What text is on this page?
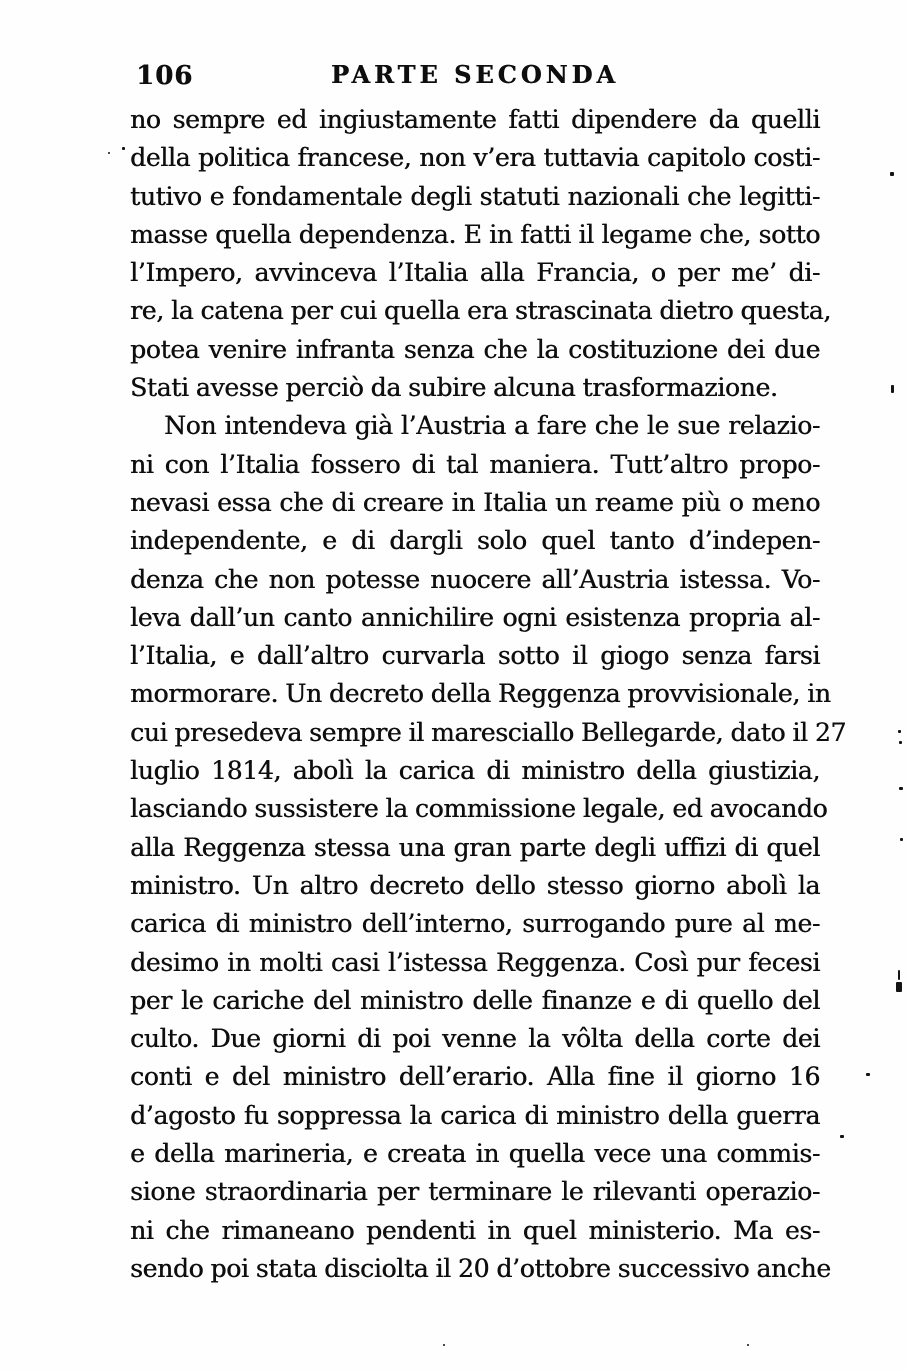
106	PARTE SECONDA
no sempre ed ingiustamente fatti dipendere da quelli
della politica francese, non v’era tuttavia capitolo costi-
tutivo e fondamentale degli statuti nazionali che legitti-
masse quella dependenza. E in fatti il legame che, sotto
l’Impero, avvinceva l’Italia alla Francia, o per me’ di-
re, la catena per cui quella era strascinata dietro questa,
potea venire infranta senza che la costituzione dei due
Stati avesse perciò da subire alcuna trasformazione.
Non intendeva già l’Austria a fare che le sue relazio-
ni con l’Italia fossero di tal maniera. Tutt’altro propo-
nevasi essa che di creare in Italia un reame più o meno
independente, e di dargli solo quel tanto d’indepen-
denza che non potesse nuocere all’Austria istessa. Vo-
leva dall’un canto annichilire ogni esistenza propria al-
l’Italia, e dall’altro curvarla sotto il giogo senza farsi
mormorare. Un decreto della Reggenza provvisionale, in
cui presedeva sempre il maresciallo Bellegarde, dato il 27
luglio 1814, abolì la carica di ministro della giustizia,
lasciando sussistere la commissione legale, ed avocando
alla Reggenza stessa una gran parte degli uffizi di quel
ministro. Un altro decreto dello stesso giorno abolì la
carica di ministro dell’interno, surrogando pure al me-
desimo in molti casi l’istessa Reggenza. Così pur fecesi
per le cariche del ministro delle finanze e di quello del
culto. Due giorni di poi venne la vôlta della corte dei
conti e del ministro dell’erario. Alla fine il giorno 16
d’agosto fu soppressa la carica di ministro della guerra
e della marineria, e creata in quella vece una commis-
sione straordinaria per terminare le rilevanti operazio-
ni che rimaneano pendenti in quel ministerio. Ma es-
sendo poi stata disciolta il 20 d’ottobre successivo anche
